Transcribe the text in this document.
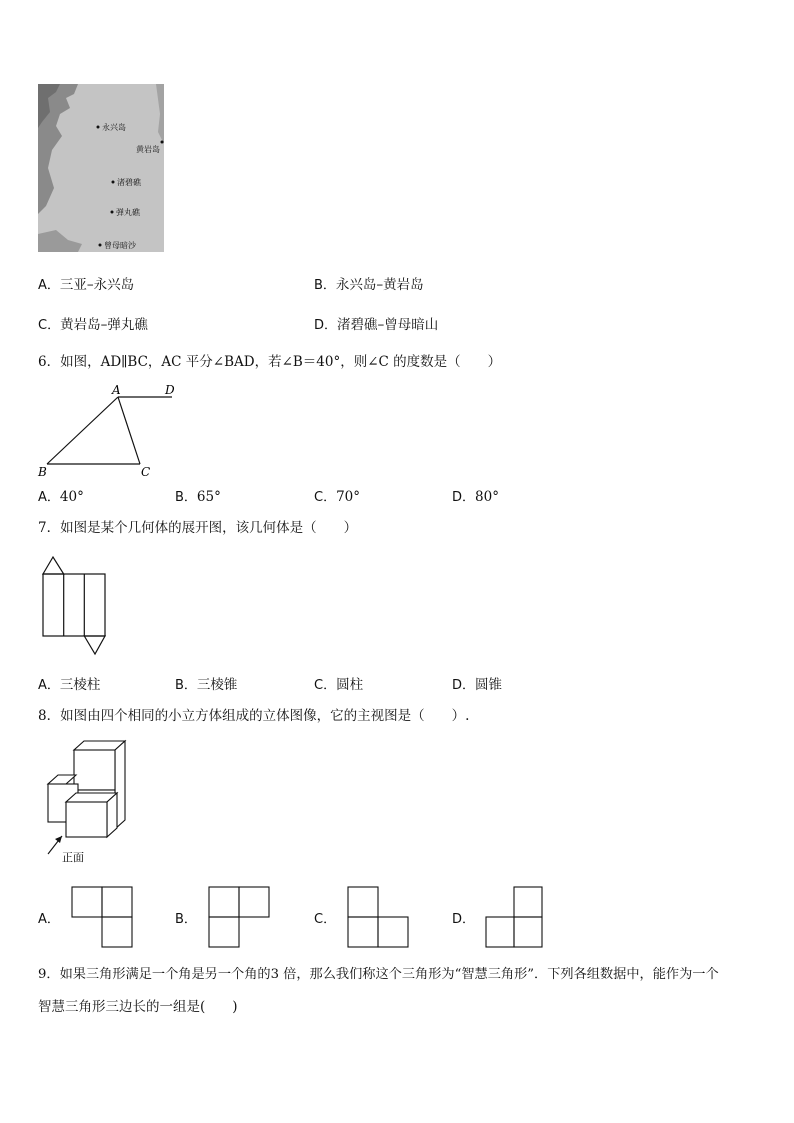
永兴岛
黄岩岛
渚碧礁
弹丸礁
曾母暗沙
A．三亚–永兴岛	B．永兴岛–黄岩岛
C．黄岩岛–弹丸礁	D．渚碧礁–曾母暗山
6．如图，AD∥BC，AC 平分∠BAD，若∠B＝40°，则∠C 的度数是（　　）
A	D
B	C
A．40°	B．65°	C．70°	D．80°
7．如图是某个几何体的展开图，该几何体是（　　）
A．三棱柱	B．三棱锥	C．圆柱	D．圆锥
8．如图由四个相同的小立方体组成的立体图像，它的主视图是（　　）.
正面
A．	B．	C．	D．
9．如果三角形满足一个角是另一个角的3 倍，那么我们称这个三角形为“智慧三角形”．下列各组数据中，能作为一个
智慧三角形三边长的一组是(　　)
